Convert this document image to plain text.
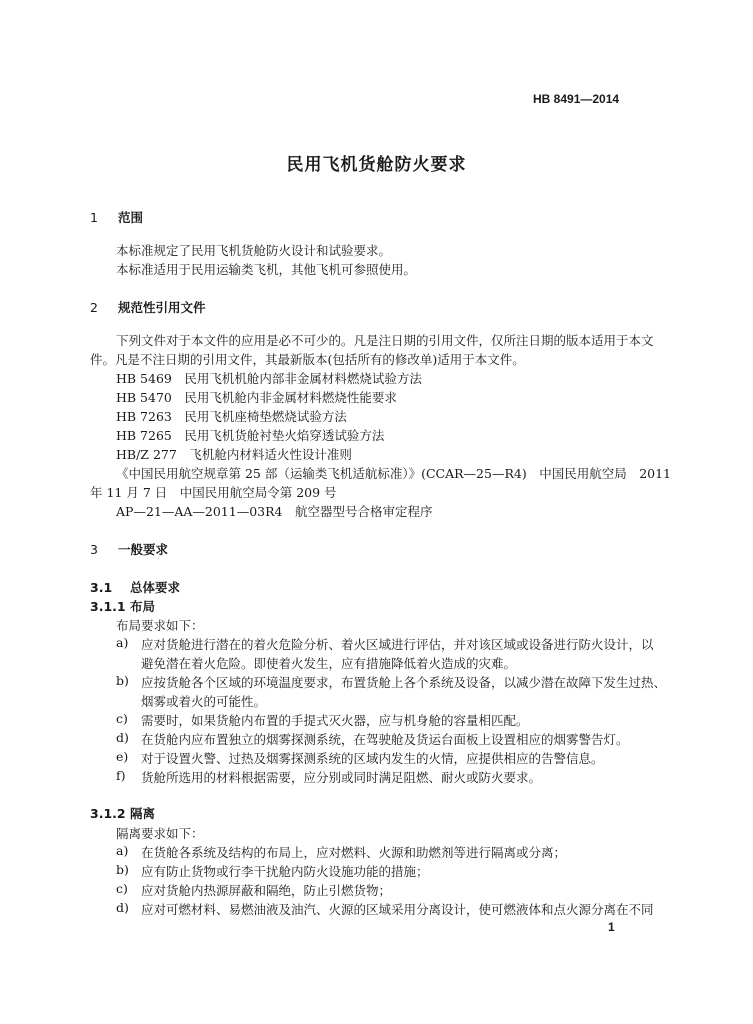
HB 8491—2014
民用飞机货舱防火要求
1 范围
本标准规定了民用飞机货舱防火设计和试验要求。
本标准适用于民用运输类飞机，其他飞机可参照使用。
2 规范性引用文件
下列文件对于本文件的应用是必不可少的。凡是注日期的引用文件，仅所注日期的版本适用于本文
件。凡是不注日期的引用文件，其最新版本(包括所有的修改单)适用于本文件。
HB 5469　民用飞机机舱内部非金属材料燃烧试验方法
HB 5470　民用飞机舱内非金属材料燃烧性能要求
HB 7263　民用飞机座椅垫燃烧试验方法
HB 7265　民用飞机货舱衬垫火焰穿透试验方法
HB/Z 277　飞机舱内材料适火性设计准则
《中国民用航空规章第 25 部（运输类飞机适航标准）》(CCAR—25—R4)　中国民用航空局　2011
年 11 月 7 日　中国民用航空局令第 209 号
AP—21—AA—2011—03R4　航空器型号合格审定程序
3 一般要求
3.1 总体要求
3.1.1 布局
布局要求如下：
a) 应对货舱进行潜在的着火危险分析、着火区域进行评估，并对该区域或设备进行防火设计，以
避免潜在着火危险。即使着火发生，应有措施降低着火造成的灾难。
b) 应按货舱各个区域的环境温度要求，布置货舱上各个系统及设备，以减少潜在故障下发生过热、
烟雾或着火的可能性。
c) 需要时，如果货舱内布置的手提式灭火器，应与机身舱的容量相匹配。
d) 在货舱内应布置独立的烟雾探测系统，在驾驶舱及货运台面板上设置相应的烟雾警告灯。
e) 对于设置火警、过热及烟雾探测系统的区域内发生的火情，应提供相应的告警信息。
f) 货舱所选用的材料根据需要，应分别或同时满足阻燃、耐火或防火要求。
3.1.2 隔离
隔离要求如下：
a) 在货舱各系统及结构的布局上，应对燃料、火源和助燃剂等进行隔离或分离；
b) 应有防止货物或行李干扰舱内防火设施功能的措施；
c) 应对货舱内热源屏蔽和隔绝，防止引燃货物；
d) 应对可燃材料、易燃油液及油汽、火源的区域采用分离设计，使可燃液体和点火源分离在不同
1
